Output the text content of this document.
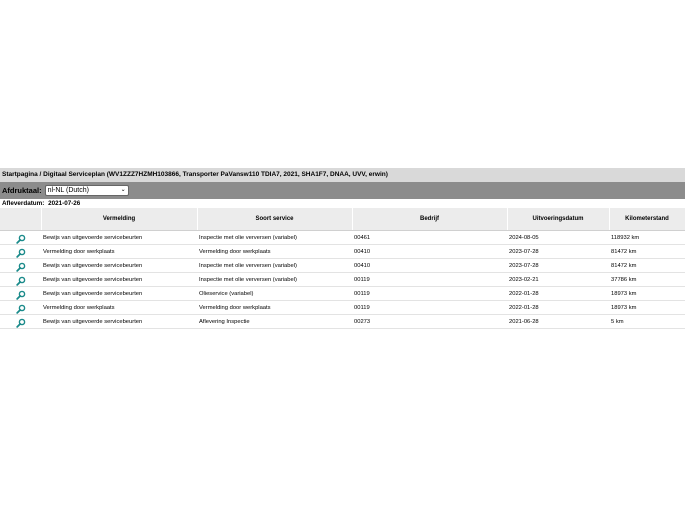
Startpagina / Digitaal Serviceplan (WV1ZZZ7HZMH103866, Transporter PaVansw110 TDIA7, 2021, SHA1F7, DNAA, UVV, erwin)
Afdruktaal: nl-NL (Dutch)	⌄
Afleverdatum: 2021-07-26
	Vermelding	Soort service	Bedrijf	Uitvoeringsdatum	Kilometerstand
	Bewijs van uitgevoerde servicebeurten	Inspectie met olie verversen (variabel)	00461	2024-08-05	118932 km
	Vermelding door werkplaats	Vermelding door werkplaats	00410	2023-07-28	81472 km
	Bewijs van uitgevoerde servicebeurten	Inspectie met olie verversen (variabel)	00410	2023-07-28	81472 km
	Bewijs van uitgevoerde servicebeurten	Inspectie met olie verversen (variabel)	00119	2023-02-21	37786 km
	Bewijs van uitgevoerde servicebeurten	Olieservice (variabel)	00119	2022-01-28	18973 km
	Vermelding door werkplaats	Vermelding door werkplaats	00119	2022-01-28	18973 km
	Bewijs van uitgevoerde servicebeurten	Aflevering Inspectie	00273	2021-06-28	5 km
